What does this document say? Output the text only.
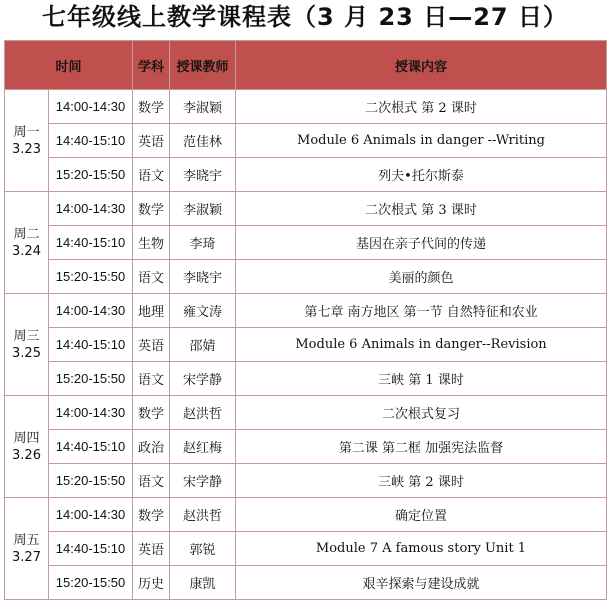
七年级线上教学课程表（3 月 23 日—27 日）
时间		学科	授课教师	授课内容

周一
3.23	14:00-14:30	数学	李淑颖	二次根式 第 2 课时
	14:40-15:10	英语	范佳林	Module 6 Animals in danger --Writing
	15:20-15:50	语文	李晓宇	列夫•托尔斯泰

周二
3.24	14:00-14:30	数学	李淑颖	二次根式 第 3 课时
	14:40-15:10	生物	李琦	基因在亲子代间的传递
	15:20-15:50	语文	李晓宇	美丽的颜色

周三
3.25	14:00-14:30	地理	雍文涛	第七章 南方地区 第一节 自然特征和农业
	14:40-15:10	英语	邵婧	Module 6 Animals in danger--Revision
	15:20-15:50	语文	宋学静	三峡 第 1 课时

周四
3.26	14:00-14:30	数学	赵洪哲	二次根式复习
	14:40-15:10	政治	赵红梅	第二课 第二框 加强宪法监督
	15:20-15:50	语文	宋学静	三峡 第 2 课时

周五
3.27	14:00-14:30	数学	赵洪哲	确定位置
	14:40-15:10	英语	郭锐	Module 7 A famous story Unit 1
	15:20-15:50	历史	康凯	艰辛探索与建设成就
